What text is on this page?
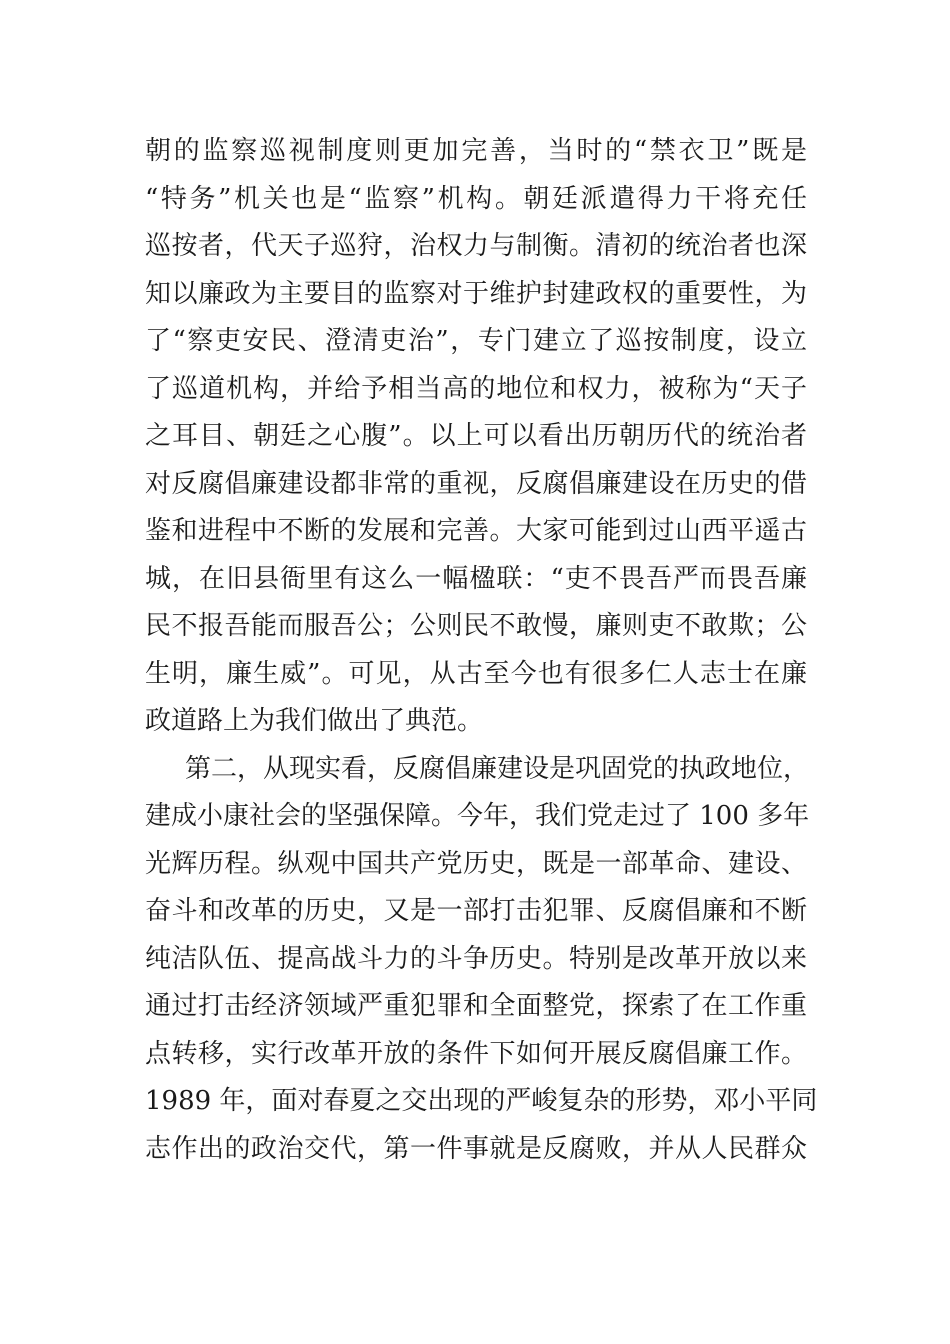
朝的监察巡视制度则更加完善，当时的“禁衣卫”既是
“特务”机关也是“监察”机构。朝廷派遣得力干将充任
巡按者，代天子巡狩，治权力与制衡。清初的统治者也深
知以廉政为主要目的监察对于维护封建政权的重要性，为
了“察吏安民、澄清吏治”，专门建立了巡按制度，设立
了巡道机构，并给予相当高的地位和权力，被称为“天子
之耳目、朝廷之心腹”。以上可以看出历朝历代的统治者
对反腐倡廉建设都非常的重视，反腐倡廉建设在历史的借
鉴和进程中不断的发展和完善。大家可能到过山西平遥古
城，在旧县衙里有这么一幅楹联：“吏不畏吾严而畏吾廉
民不报吾能而服吾公；公则民不敢慢，廉则吏不敢欺；公
生明，廉生威”。可见，从古至今也有很多仁人志士在廉
政道路上为我们做出了典范。
第二，从现实看，反腐倡廉建设是巩固党的执政地位，
建成小康社会的坚强保障。今年，我们党走过了 100 多年
光辉历程。纵观中国共产党历史，既是一部革命、建设、
奋斗和改革的历史，又是一部打击犯罪、反腐倡廉和不断
纯洁队伍、提高战斗力的斗争历史。特别是改革开放以来
通过打击经济领域严重犯罪和全面整党，探索了在工作重
点转移，实行改革开放的条件下如何开展反腐倡廉工作。
1989 年，面对春夏之交出现的严峻复杂的形势，邓小平同
志作出的政治交代，第一件事就是反腐败，并从人民群众
